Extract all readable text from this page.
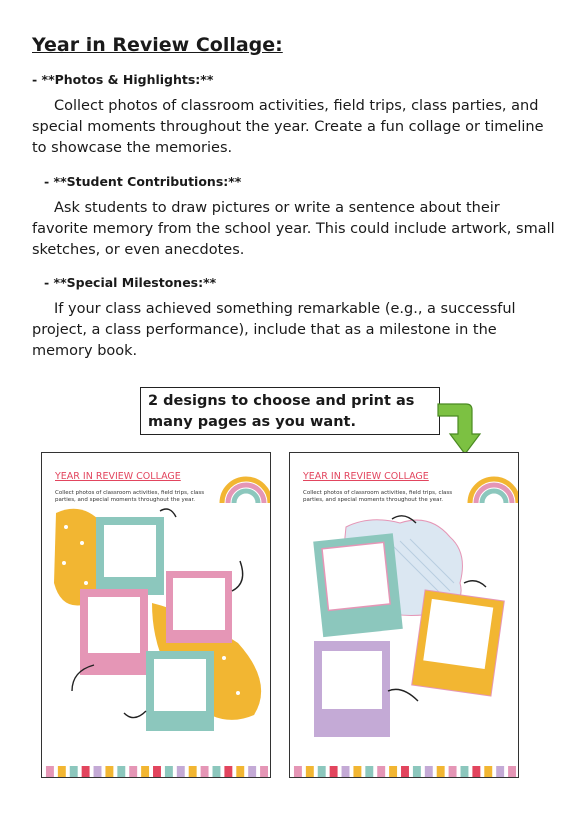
Year in Review Collage:
- **Photos & Highlights:**
Collect photos of classroom activities, field trips, class parties, and special moments throughout the year. Create a fun collage or timeline to showcase the memories.
- **Student Contributions:**
Ask students to draw pictures or write a sentence about their favorite memory from the school year. This could include artwork, small sketches, or even anecdotes.
- **Special Milestones:**
If your class achieved something remarkable (e.g., a successful project, a class performance), include that as a milestone in the memory book.
2 designs to choose and print as many pages as you want.
YEAR IN REVIEW COLLAGE
Collect photos of classroom activities, field trips, class parties, and special moments throughout the year.
YEAR IN REVIEW COLLAGE
Collect photos of classroom activities, field trips, class parties, and special moments throughout the year.
